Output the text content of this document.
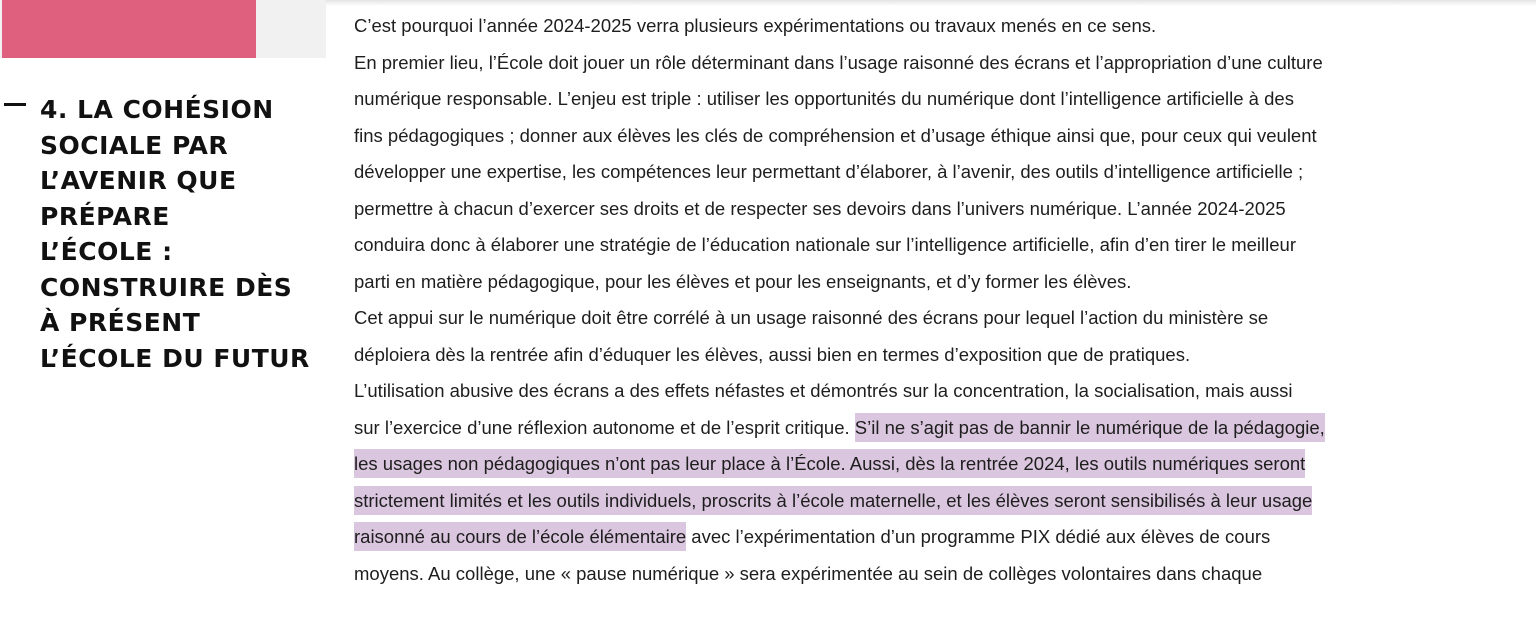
4. LA COHÉSION
SOCIALE PAR
L’AVENIR QUE
PRÉPARE
L’ÉCOLE :
CONSTRUIRE DÈS
À PRÉSENT
L’ÉCOLE DU FUTUR
C’est pourquoi l’année 2024-2025 verra plusieurs expérimentations ou travaux menés en ce sens.
En premier lieu, l’École doit jouer un rôle déterminant dans l’usage raisonné des écrans et l’appropriation d’une culture
numérique responsable. L’enjeu est triple : utiliser les opportunités du numérique dont l’intelligence artificielle à des
fins pédagogiques ; donner aux élèves les clés de compréhension et d’usage éthique ainsi que, pour ceux qui veulent
développer une expertise, les compétences leur permettant d’élaborer, à l’avenir, des outils d’intelligence artificielle ;
permettre à chacun d’exercer ses droits et de respecter ses devoirs dans l’univers numérique. L’année 2024-2025
conduira donc à élaborer une stratégie de l’éducation nationale sur l’intelligence artificielle, afin d’en tirer le meilleur
parti en matière pédagogique, pour les élèves et pour les enseignants, et d’y former les élèves.
Cet appui sur le numérique doit être corrélé à un usage raisonné des écrans pour lequel l’action du ministère se
déploiera dès la rentrée afin d’éduquer les élèves, aussi bien en termes d’exposition que de pratiques.
L’utilisation abusive des écrans a des effets néfastes et démontrés sur la concentration, la socialisation, mais aussi
sur l’exercice d’une réflexion autonome et de l’esprit critique. S’il ne s’agit pas de bannir le numérique de la pédagogie,
les usages non pédagogiques n’ont pas leur place à l’École. Aussi, dès la rentrée 2024, les outils numériques seront
strictement limités et les outils individuels, proscrits à l’école maternelle, et les élèves seront sensibilisés à leur usage
raisonné au cours de l’école élémentaire avec l’expérimentation d’un programme PIX dédié aux élèves de cours
moyens. Au collège, une « pause numérique » sera expérimentée au sein de collèges volontaires dans chaque
